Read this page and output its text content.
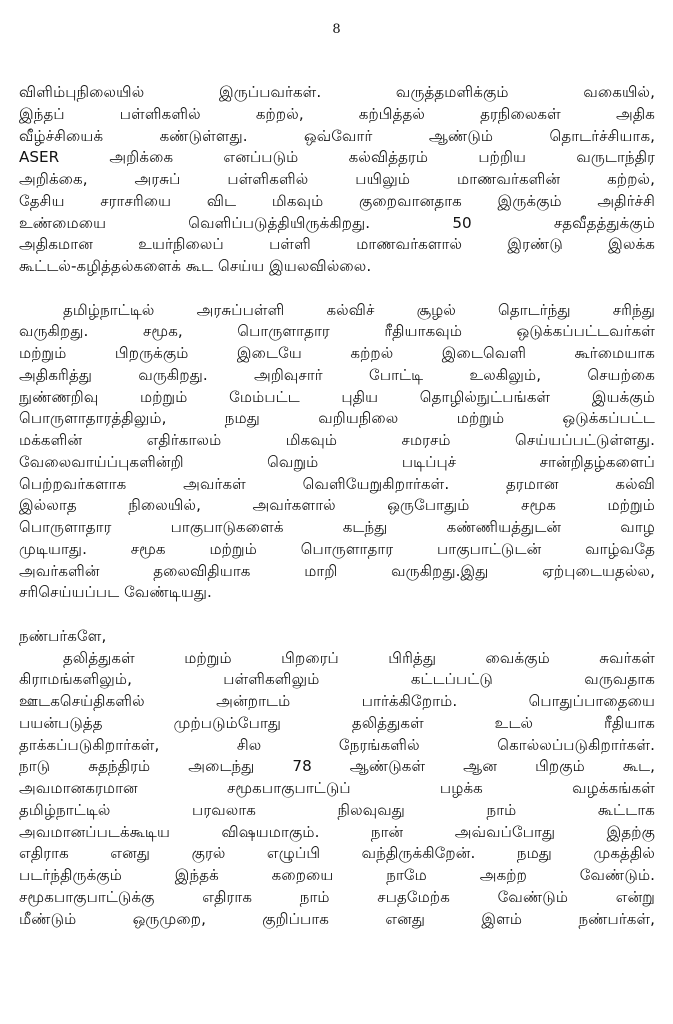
8
விளிம்புநிலையில் இருப்பவர்கள். வருத்தமளிக்கும் வகையில்,
இந்தப் பள்ளிகளில் கற்றல், கற்பித்தல் தரநிலைகள் அதிக
வீழ்ச்சியைக் கண்டுள்ளது. ஒவ்வோர் ஆண்டும் தொடர்ச்சியாக,
ASER அறிக்கை எனப்படும் கல்வித்தரம் பற்றிய வருடாந்திர
அறிக்கை, அரசுப் பள்ளிகளில் பயிலும் மாணவர்களின் கற்றல்,
தேசிய சராசரியை விட மிகவும் குறைவானதாக இருக்கும் அதிர்ச்சி
உண்மையை வெளிப்படுத்தியிருக்கிறது. 50 சதவீதத்துக்கும்
அதிகமான உயர்நிலைப் பள்ளி மாணவர்களால் இரண்டு இலக்க
கூட்டல்-கழித்தல்களைக் கூட செய்ய இயலவில்லை.
தமிழ்நாட்டில் அரசுப்பள்ளி கல்விச் சூழல் தொடர்ந்து சரிந்து
வருகிறது. சமூக, பொருளாதார ரீதியாகவும் ஒடுக்கப்பட்டவர்கள்
மற்றும் பிறருக்கும் இடையே கற்றல் இடைவெளி கூர்மையாக
அதிகரித்து வருகிறது. அறிவுசார் போட்டி உலகிலும், செயற்கை
நுண்ணறிவு மற்றும் மேம்பட்ட புதிய தொழில்நுட்பங்கள் இயக்கும்
பொருளாதாரத்திலும், நமது வறியநிலை மற்றும் ஒடுக்கப்பட்ட
மக்களின் எதிர்காலம் மிகவும் சமரசம் செய்யப்பட்டுள்ளது.
வேலைவாய்ப்புகளின்றி வெறும் படிப்புச் சான்றிதழ்களைப்
பெற்றவர்களாக அவர்கள் வெளியேறுகிறார்கள். தரமான கல்வி
இல்லாத நிலையில், அவர்களால் ஒருபோதும் சமூக மற்றும்
பொருளாதார பாகுபாடுகளைக் கடந்து கண்ணியத்துடன் வாழ
முடியாது. சமூக மற்றும் பொருளாதார பாகுபாட்டுடன் வாழ்வதே
அவர்களின் தலைவிதியாக மாறி வருகிறது.இது ஏற்புடையதல்ல,
சரிசெய்யப்பட வேண்டியது.
நண்பர்களே,
தலித்துகள் மற்றும் பிறரைப் பிரித்து வைக்கும் சுவர்கள்
கிராமங்களிலும், பள்ளிகளிலும் கட்டப்பட்டு வருவதாக
ஊடகசெய்திகளில் அன்றாடம் பார்க்கிறோம். பொதுப்பாதையை
பயன்படுத்த முற்படும்போது தலித்துகள் உடல் ரீதியாக
தாக்கப்படுகிறார்கள், சில நேரங்களில் கொல்லப்படுகிறார்கள்.
நாடு சுதந்திரம் அடைந்து 78 ஆண்டுகள் ஆன பிறகும் கூட,
அவமானகரமான சமூகபாகுபாட்டுப் பழக்க வழக்கங்கள்
தமிழ்நாட்டில் பரவலாக நிலவுவது நாம் கூட்டாக
அவமானப்படக்கூடிய விஷயமாகும். நான் அவ்வப்போது இதற்கு
எதிராக எனது குரல் எழுப்பி வந்திருக்கிறேன். நமது முகத்தில்
படர்ந்திருக்கும் இந்தக் கறையை நாமே அகற்ற வேண்டும்.
சமூகபாகுபாட்டுக்கு எதிராக நாம் சபதமேற்க வேண்டும் என்று
மீண்டும் ஒருமுறை, குறிப்பாக எனது இளம் நண்பர்கள்,
